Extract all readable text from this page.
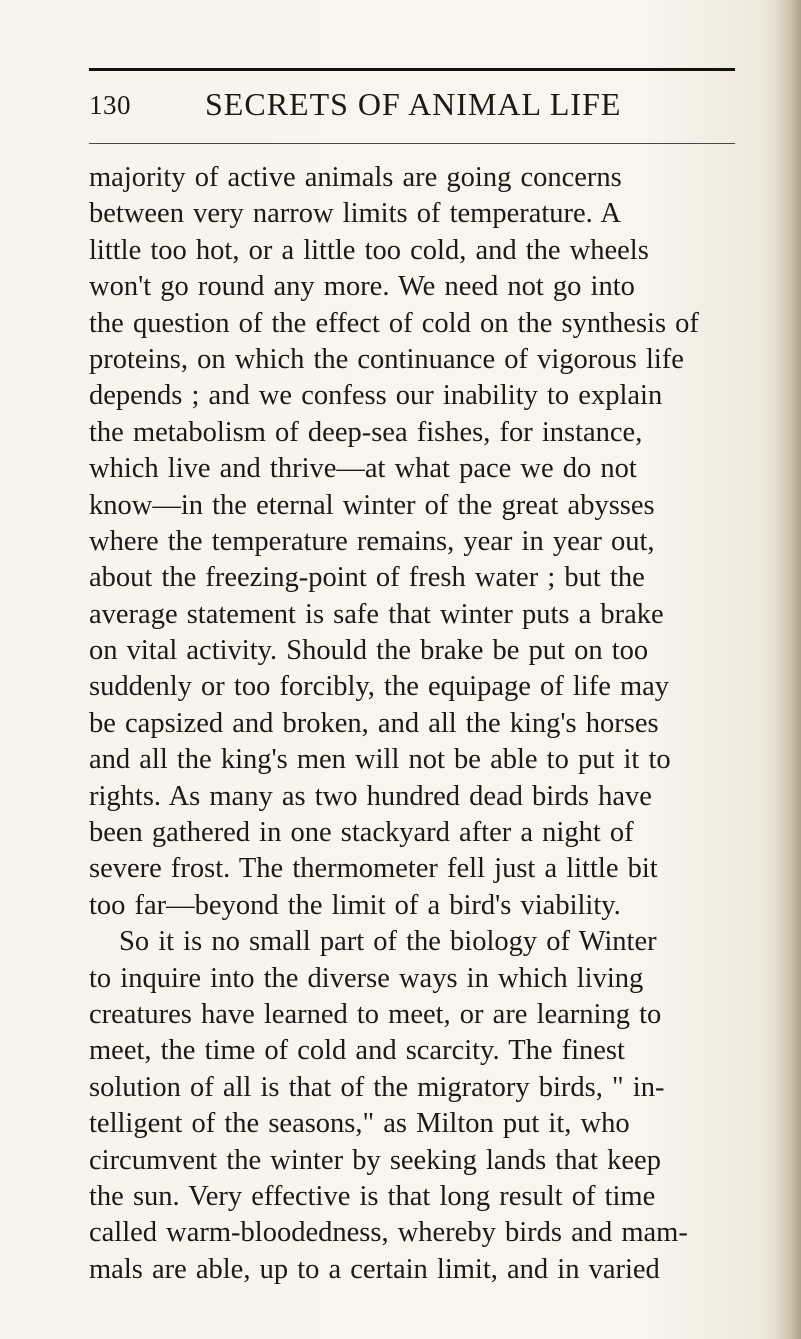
130 SECRETS OF ANIMAL LIFE
majority of active animals are going concerns
between very narrow limits of temperature. A
little too hot, or a little too cold, and the wheels
won't go round any more. We need not go into
the question of the effect of cold on the synthesis of
proteins, on which the continuance of vigorous life
depends ; and we confess our inability to explain
the metabolism of deep-sea fishes, for instance,
which live and thrive—at what pace we do not
know—in the eternal winter of the great abysses
where the temperature remains, year in year out,
about the freezing-point of fresh water ; but the
average statement is safe that winter puts a brake
on vital activity. Should the brake be put on too
suddenly or too forcibly, the equipage of life may
be capsized and broken, and all the king's horses
and all the king's men will not be able to put it to
rights. As many as two hundred dead birds have
been gathered in one stackyard after a night of
severe frost. The thermometer fell just a little bit
too far—beyond the limit of a bird's viability.
So it is no small part of the biology of Winter
to inquire into the diverse ways in which living
creatures have learned to meet, or are learning to
meet, the time of cold and scarcity. The finest
solution of all is that of the migratory birds, " in-
telligent of the seasons," as Milton put it, who
circumvent the winter by seeking lands that keep
the sun. Very effective is that long result of time
called warm-bloodedness, whereby birds and mam-
mals are able, up to a certain limit, and in varied
